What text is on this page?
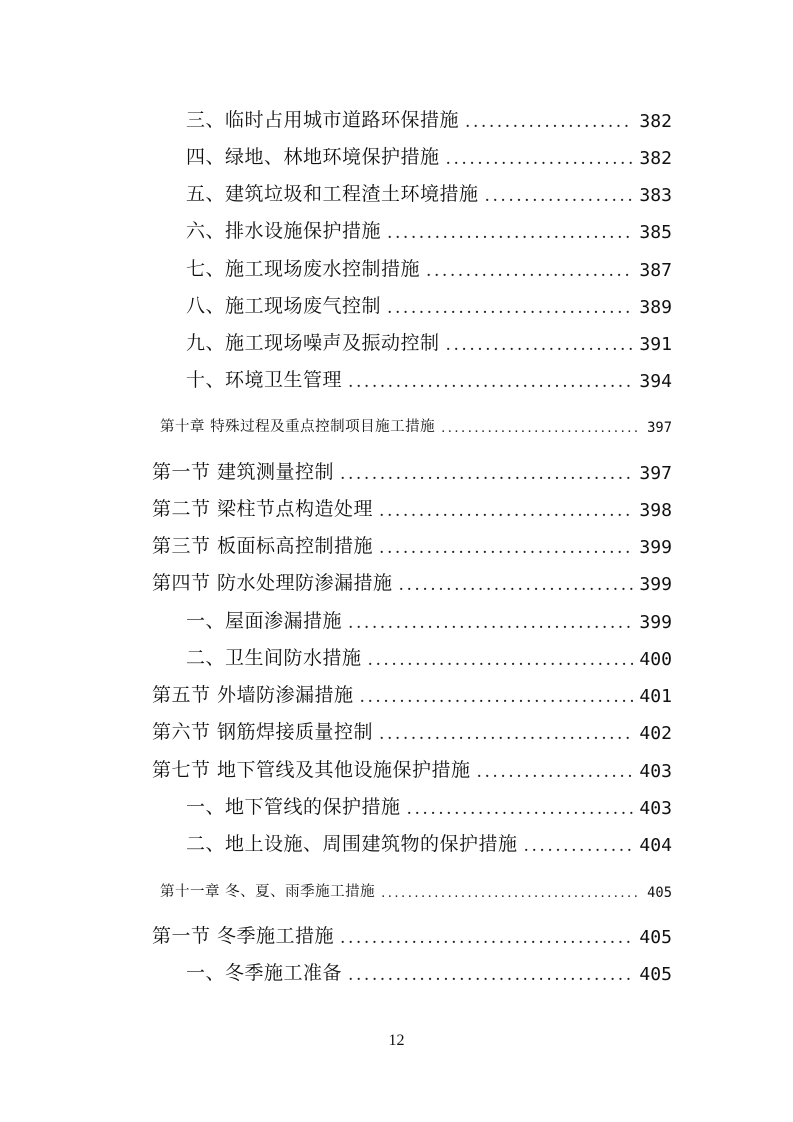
三、临时占用城市道路环保措施 .....	382
四、绿地、林地环境保护措施 .....	382
五、建筑垃圾和工程渣土环境措施 .....	383
六、排水设施保护措施 .....	385
七、施工现场废水控制措施 .....	387
八、施工现场废气控制 .....	389
九、施工现场噪声及振动控制 .....	391
十、环境卫生管理 .....	394
第十章 特殊过程及重点控制项目施工措施 .....	397
第一节 建筑测量控制 .....	397
第二节 梁柱节点构造处理 .....	398
第三节 板面标高控制措施 .....	399
第四节 防水处理防渗漏措施 .....	399
一、屋面渗漏措施 .....	399
二、卫生间防水措施 .....	400
第五节 外墙防渗漏措施 .....	401
第六节 钢筋焊接质量控制 .....	402
第七节 地下管线及其他设施保护措施 .....	403
一、地下管线的保护措施 .....	403
二、地上设施、周围建筑物的保护措施 .....	404
第十一章 冬、夏、雨季施工措施 .....	405
第一节 冬季施工措施 .....	405
一、冬季施工准备 .....	405
12
